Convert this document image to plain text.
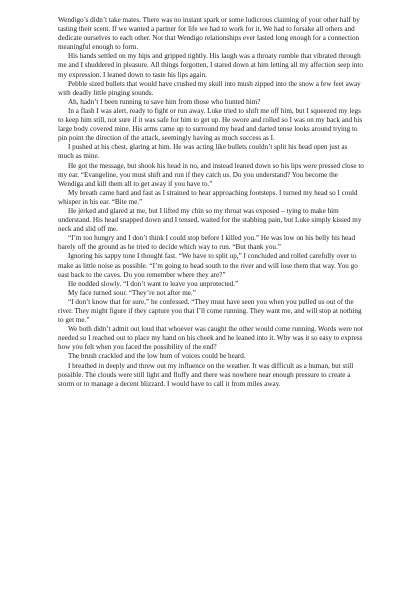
Wendigo’s didn’t take mates. There was no instant spark or some ludicrous claiming of your other half by tasting their scent. If we wanted a partner for life we had to work for it. We had to forsake all others and dedicate ourselves to each other. Not that Wendigo relationships ever lasted long enough for a connection meaningful enough to form.

His hands settled on my hips and gripped tightly. His laugh was a throaty rumble that vibrated through me and I shuddered in pleasure. All things forgotten, I stared down at him letting all my affection seep into my expression. I leaned down to taste his lips again.

Pebble sized bullets that would have crushed my skull into mush zipped into the snow a few feet away with deadly little pinging sounds.

Ah, hadn’t I been running to save him from those who hunted him?

In a flash I was alert, ready to fight or run away. Luke tried to shift me off him, but I squeezed my legs to keep him still, not sure if it was safe for him to get up. He swore and rolled so I was on my back and his large body covered mine. His arms came up to surround my head and darted tense looks around trying to pin point the direction of the attack, seemingly having as much success as I.

I pushed at his chest, glaring at him. He was acting like bullets couldn’t split his head open just as much as mine.

He got the message, but shook his head in no, and instead leaned down so his lips were pressed close to my ear. “Evangeline, you must shift and run if they catch us. Do you understand? You become the Wendiga and kill them all to get away if you have to.”

My breath came hard and fast as I strained to hear approaching footsteps. I turned my head so I could whisper in his ear. “Bite me.”

He jerked and glared at me, but I lifted my chin so my throat was exposed – tying to make him understand. His head snapped down and I tensed, waited for the stabbing pain, but Luke simply kissed my neck and slid off me.

“I’m too hungry and I don’t think I could stop before I killed you.” He was low on his belly his head barely off the ground as he tried to decide which way to run. “But thank you.”

Ignoring his sappy tone I thought fast. “We have to split up,” I concluded and rolled carefully over to make as little noise as possible. “I’m going to head south to the river and will lose them that way. You go east back to the caves. Do you remember where they are?”

He nodded slowly. “I don’t want to leave you unprotected.”

My face turned sour. “They’re not after me.”

“I don’t know that for sure,” he confessed. “They must have seen you when you pulled us out of the river. They might figure if they capture you that I’ll come running. They want me, and will stop at nothing to get me.”

We both didn’t admit out loud that whoever was caught the other would come running. Words were not needed so I reached out to place my hand on his cheek and he leaned into it. Why was it so easy to express how you felt when you faced the possibility of the end?

The brush crackled and the low hum of voices could be heard.

I breathed in deeply and threw out my influence on the weather. It was difficult as a human, but still possible. The clouds were still light and fluffy and there was nowhere near enough pressure to create a storm or to manage a decent blizzard. I would have to call it from miles away.
